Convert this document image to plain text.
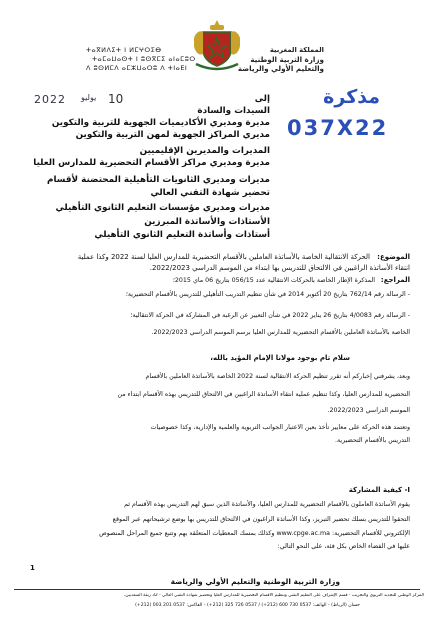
ⵜⴰⴳⵍⴷⵉⵜ ⵏ ⵍⵎⵖⵔⵉⴱ
ⵜⴰⵎⴰⵡⴰⵙⵜ ⵏ ⵓⵙⴳⵎⵉ ⴰⵏⴰⵎⵓⵔ
ⴷ ⵓⵙⵍⵎⴷ ⴰⵎⵣⵡⴰⵔⵓ ⴷ ⵜⵏⴰⴹⵏ
المملكة المغربية
وزارة التربية الوطنية
والتعليم الأولي والرياضة
2022 يوليو 10	مذكرة
037X22
إلى
السيدات والسادة
مديرة ومديري الأكاديميات الجهوية للتربية والتكوين
مديري المراكز الجهوية لمهن التربية والتكوين
المديرات والمديرين الإقليميين
مديرة ومديري مراكز الأقسام التحضيرية للمدارس العليا
مديرات ومديري الثانويات التأهيلية المحتضنة لأقسام
تحضير شهادة التقني العالي
مديرات ومديري مؤسسات التعليم الثانوي التأهيلي
الأستاذات والأساتذة المبرزين
أستاذات وأساتذة التعليم الثانوي التأهيلي
الموضوع:
الحركة الانتقالية الخاصة بالأساتذة العاملين بالأقسام التحضيرية للمدارس العليا لسنة 2022 وكذا عملية
انتقاء الأساتذة الراغبين في الالتحاق للتدريس بها ابتداء من الموسم الدراسي 2022/2023.
المراجع:
المذكرة الإطار الخاصة بالحركات الانتقالية عدد 056/15 بتاريخ 06 ماي 2015؛
- الرسالة رقم 762/14 بتاريخ 20 أكتوبر 2014 في شأن تنظيم التدريب التأهيلي للتدريس بالأقسام التحضيرية؛
- الرسالة رقم 4/0083 بتاريخ 26 يناير 2022 في شأن التعبير عن الرغبة في المشاركة في الحركة الانتقالية؛
الخاصة بالأساتذة العاملين بالأقسام التحضيرية للمدارس العليا برسم الموسم الدراسي 2022/2023.
سلام تام بوجود مولانا الإمام المؤيد بالله،
وبعد، يشرفني إخباركم أنه تقرر تنظيم الحركة الانتقالية لسنة 2022 الخاصة بالأساتذة العاملين بالأقسام
التحضيرية للمدارس العليا، وكذا تنظيم عملية انتقاء الأساتذة الراغبين في الالتحاق للتدريس بهذه الأقسام ابتداء من
الموسم الدراسي 2022/2023.
وتعتمد هذه الحركة على معايير تأخذ بعين الاعتبار الجوانب التربوية والعلمية والإدارية، وكذا خصوصيات
التدريس بالأقسام التحضيرية.
I- كيفية المشاركة
يقوم الأساتذة العاملون بالأقسام التحضيرية للمدارس العليا، والأساتذة الذين سبق لهم التدريس بهذه الأقسام ثم
التحقوا للتدريس بسلك تحضير التبريز، وكذا الأساتذة الراغبون في الالتحاق للتدريس بها بوضع ترشيحاتهم عبر الموقع
الإلكتروني للأقسام التحضيرية: www.cpge.ac.ma وكذلك بمسك المعطيات المتعلقة بهم وتتبع جميع المراحل المنصوص
عليها في الفضاء الخاص بكل فئة، على النحو التالي:
1
وزارة التربية الوطنية والتعليم الأولي والرياضة
المركز الوطني للتجديد التربوي والتجريب - قسم الإشراف على التعليم التقني وتنظيم الأقسام التحضيرية للمدارس العليا وتحضير شهادة التقني العالي - 32 زنقة السعديين،
حسان (الرباط) - الهاتف: 0537 730 600 (212+) / 0537 726 325 (212+) - الفاكس: 0537 201 003 (212+)
